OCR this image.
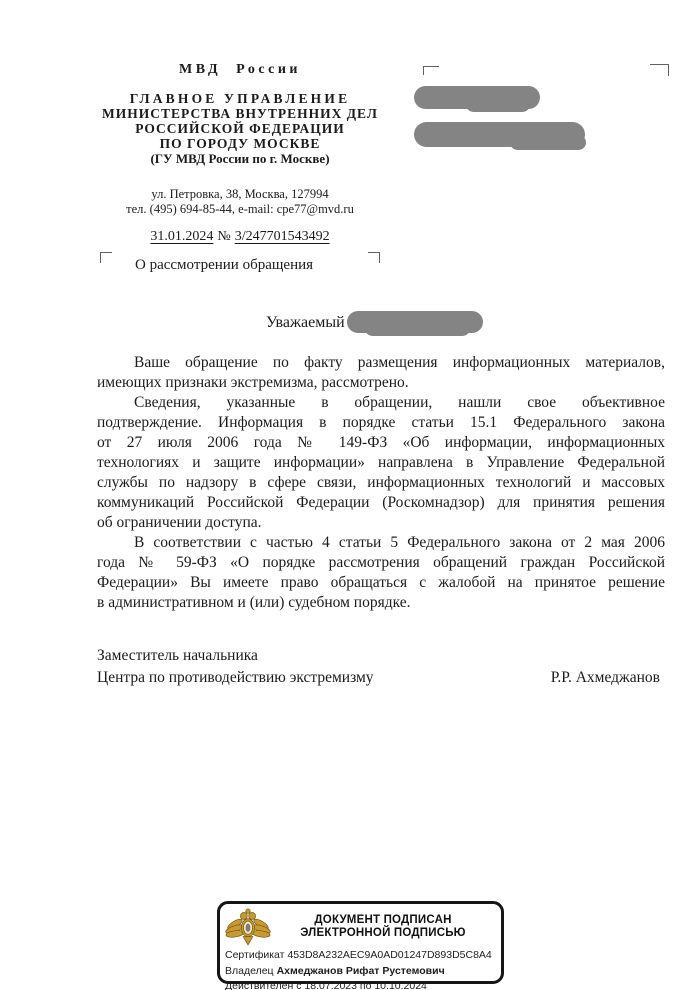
МВД России
ГЛАВНОЕ УПРАВЛЕНИЕ
МИНИСТЕРСТВА ВНУТРЕННИХ ДЕЛ
РОССИЙСКОЙ ФЕДЕРАЦИИ
ПО ГОРОДУ МОСКВЕ
(ГУ МВД России по г. Москве)
ул. Петровка, 38, Москва, 127994
тел. (495) 694-85-44, e-mail: cpe77@mvd.ru
31.01.2024 № 3/247701543492
О рассмотрении обращения
Уважаемый
Ваше обращение по факту размещения информационных материалов,
имеющих признаки экстремизма, рассмотрено.
Сведения, указанные в обращении, нашли свое объективное
подтверждение. Информация в порядке статьи 15.1 Федерального закона
от 27 июля 2006 года № 149-ФЗ «Об информации, информационных
технологиях и защите информации» направлена в Управление Федеральной
службы по надзору в сфере связи, информационных технологий и массовых
коммуникаций Российской Федерации (Роскомнадзор) для принятия решения
об ограничении доступа.
В соответствии с частью 4 статьи 5 Федерального закона от 2 мая 2006
года № 59-ФЗ «О порядке рассмотрения обращений граждан Российской
Федерации» Вы имеете право обращаться с жалобой на принятое решение
в административном и (или) судебном порядке.
Заместитель начальника
Центра по противодействию экстремизму	Р.Р. Ахмеджанов
ДОКУМЕНТ ПОДПИСАН
ЭЛЕКТРОННОЙ ПОДПИСЬЮ
Сертификат 453D8A232AEC9A0AD01247D893D5C8A4
Владелец Ахмеджанов Рифат Рустемович
Действителен с 18.07.2023 по 10.10.2024
